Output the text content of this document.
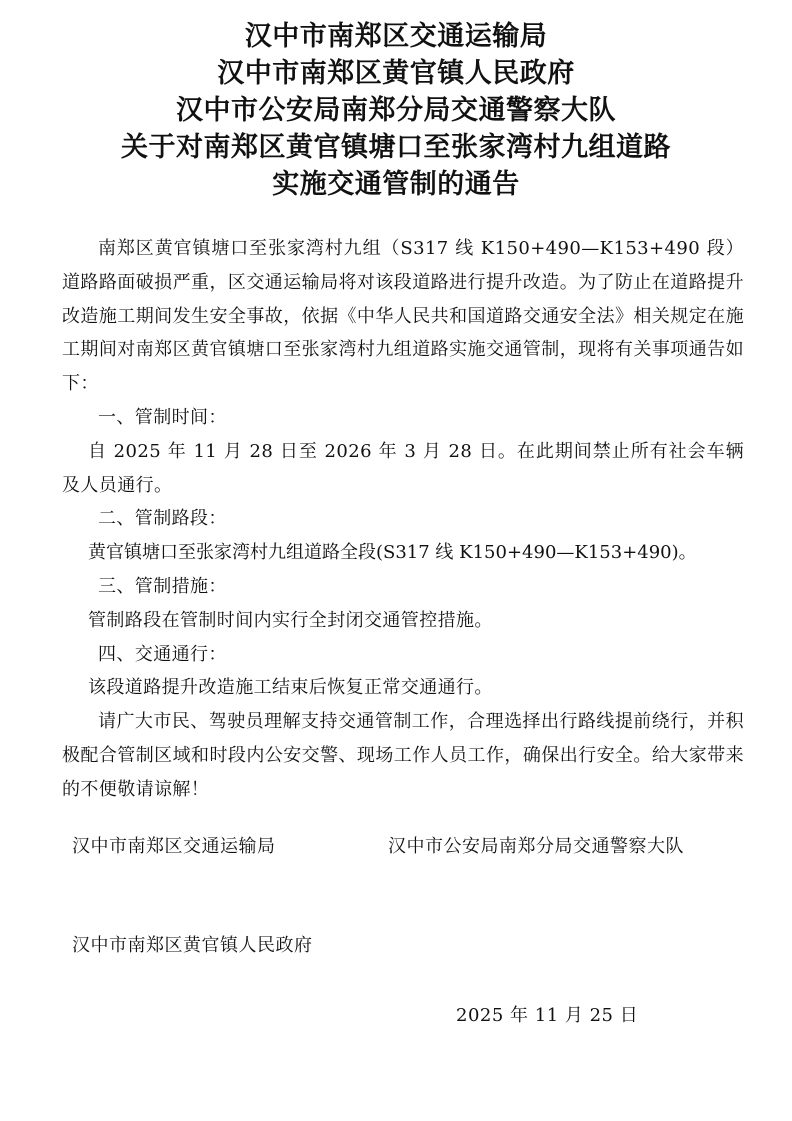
汉中市南郑区交通运输局
汉中市南郑区黄官镇人民政府
汉中市公安局南郑分局交通警察大队
关于对南郑区黄官镇塘口至张家湾村九组道路
实施交通管制的通告

南郑区黄官镇塘口至张家湾村九组（S317 线 K150+490—K153+490 段）道路路面破损严重，区交通运输局将对该段道路进行提升改造。为了防止在道路提升改造施工期间发生安全事故，依据《中华人民共和国道路交通安全法》相关规定在施工期间对南郑区黄官镇塘口至张家湾村九组道路实施交通管制，现将有关事项通告如下：

一、管制时间：

自 2025 年 11 月 28 日至 2026 年 3 月 28 日。在此期间禁止所有社会车辆及人员通行。

二、管制路段：

黄官镇塘口至张家湾村九组道路全段(S317 线 K150+490—K153+490)。

三、管制措施：

管制路段在管制时间内实行全封闭交通管控措施。

四、交通通行：

该段道路提升改造施工结束后恢复正常交通通行。

请广大市民、驾驶员理解支持交通管制工作，合理选择出行路线提前绕行，并积极配合管制区域和时段内公安交警、现场工作人员工作，确保出行安全。给大家带来的不便敬请谅解！

汉中市南郑区交通运输局	汉中市公安局南郑分局交通警察大队
汉中市南郑区黄官镇人民政府
2025 年 11 月 25 日
